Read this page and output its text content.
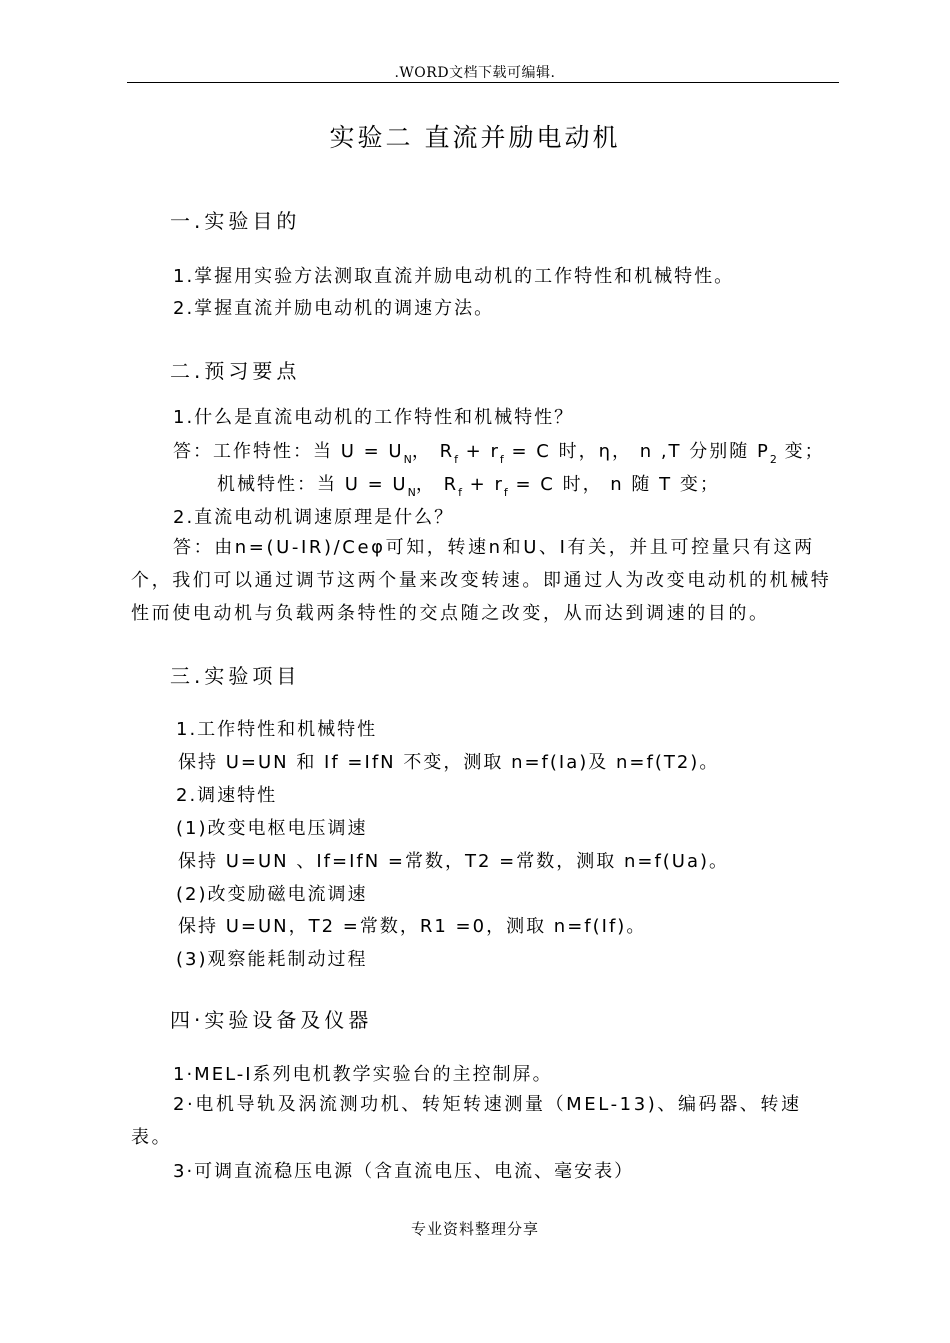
.WORD文档下载可编辑.
实验二 直流并励电动机
一.实验目的
1.掌握用实验方法测取直流并励电动机的工作特性和机械特性。
2.掌握直流并励电动机的调速方法。
二.预习要点
1.什么是直流电动机的工作特性和机械特性？
答：工作特性：当 $U = U_N$， $R_f + r_f = C$ 时，η， n ,T 分别随 $P_2$ 变；
机械特性：当 $U = U_N$， $R_f + r_f = C$ 时， n 随 T 变；
2.直流电动机调速原理是什么？

答：由n=(U-IR)/Ceφ可知，转速n和U、I有关，并且可控量只有这两个，我们可以通过调节这两个量来改变转速。即通过人为改变电动机的机械特性而使电动机与负载两条特性的交点随之改变，从而达到调速的目的。

三.实验项目
1.工作特性和机械特性
保持 U=UN 和 If =IfN 不变，测取 n=f(Ia)及 n=f(T2)。
2.调速特性
(1)改变电枢电压调速
保持 U=UN 、If=IfN =常数，T2 =常数，测取 n=f(Ua)。
(2)改变励磁电流调速
保持 U=UN，T2 =常数，R1 =0，测取 n=f(If)。
(3)观察能耗制动过程
四·实验设备及仪器
1·MEL-I系列电机教学实验台的主控制屏。

2·电机导轨及涡流测功机、转矩转速测量（MEL-13)、编码器、转速表。

3·可调直流稳压电源（含直流电压、电流、毫安表）
专业资料整理分享
